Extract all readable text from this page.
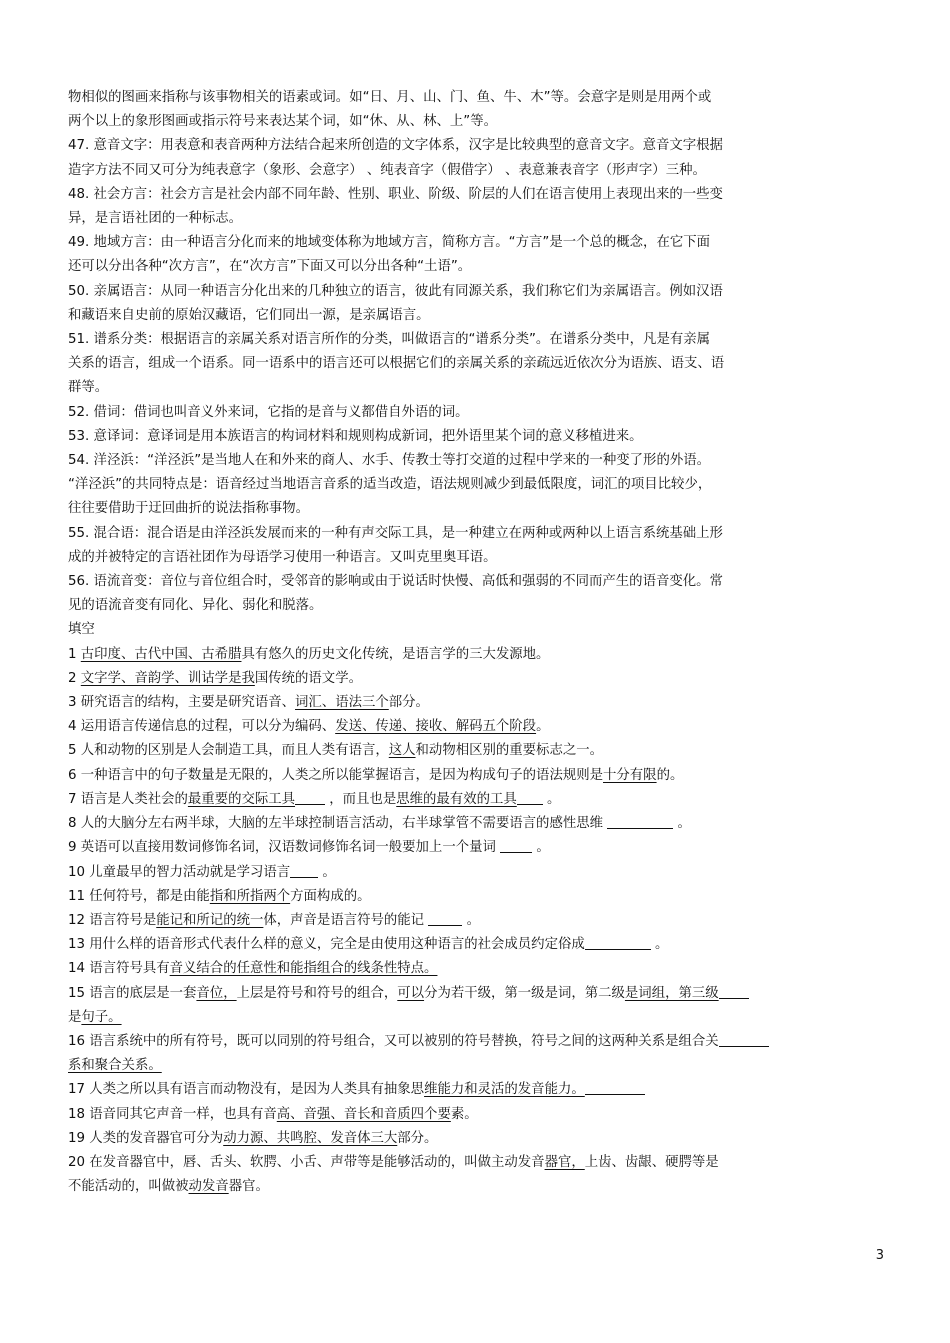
物相似的图画来指称与该事物相关的语素或词。如“日、月、山、门、鱼、牛、木”等。会意字是则是用两个或
两个以上的象形图画或指示符号来表达某个词，如“休、从、林、上”等。
47. 意音文字：用表意和表音两种方法结合起来所创造的文字体系，汉字是比较典型的意音文字。意音文字根据
造字方法不同又可分为纯表意字（象形、会意字） 、纯表音字（假借字） 、表意兼表音字（形声字）三种。
48. 社会方言：社会方言是社会内部不同年龄、性别、职业、阶级、阶层的人们在语言使用上表现出来的一些变
异，是言语社团的一种标志。
49. 地域方言：由一种语言分化而来的地域变体称为地域方言，简称方言。“方言”是一个总的概念，在它下面
还可以分出各种“次方言”，在“次方言”下面又可以分出各种“土语”。
50. 亲属语言：从同一种语言分化出来的几种独立的语言，彼此有同源关系，我们称它们为亲属语言。例如汉语
和藏语来自史前的原始汉藏语，它们同出一源，是亲属语言。
51. 谱系分类：根据语言的亲属关系对语言所作的分类，叫做语言的“谱系分类”。在谱系分类中，凡是有亲属
关系的语言，组成一个语系。同一语系中的语言还可以根据它们的亲属关系的亲疏远近依次分为语族、语支、语
群等。
52. 借词：借词也叫音义外来词，它指的是音与义都借自外语的词。
53. 意译词：意译词是用本族语言的构词材料和规则构成新词，把外语里某个词的意义移植进来。
54. 洋泾浜：“洋泾浜”是当地人在和外来的商人、水手、传教士等打交道的过程中学来的一种变了形的外语。
“洋泾浜”的共同特点是：语音经过当地语言音系的适当改造，语法规则减少到最低限度，词汇的项目比较少，
往往要借助于迂回曲折的说法指称事物。
55. 混合语：混合语是由洋泾浜发展而来的一种有声交际工具，是一种建立在两种或两种以上语言系统基础上形
成的并被特定的言语社团作为母语学习使用一种语言。又叫克里奥耳语。
56. 语流音变：音位与音位组合时，受邻音的影响或由于说话时快慢、高低和强弱的不同而产生的语音变化。常
见的语流音变有同化、异化、弱化和脱落。
填空
1 古印度、古代中国、古希腊具有悠久的历史文化传统，是语言学的三大发源地。
2 文字学、音韵学、训诂学是我国传统的语文学。
3 研究语言的结构，主要是研究语音、词汇、语法三个部分。
4 运用语言传递信息的过程，可以分为编码、发送、传递、接收、解码五个阶段。
5 人和动物的区别是人会制造工具，而且人类有语言，这人和动物相区别的重要标志之一。
6 一种语言中的句子数量是无限的，人类之所以能掌握语言，是因为构成句子的语法规则是十分有限的。
7 语言是人类社会的最重要的交际工具 ，而且也是思维的最有效的工具 。
8 人的大脑分左右两半球，大脑的左半球控制语言活动，右半球掌管不需要语言的感性思维	。
9 英语可以直接用数词修饰名词，汉语数词修饰名词一般要加上一个量词  。
10 儿童最早的智力活动就是学习语言 。
11 任何符号，都是由能指和所指两个方面构成的。
12 语言符号是能记和所记的统一体，声音是语言符号的能记	。
13 用什么样的语音形式代表什么样的意义，完全是由使用这种语言的社会成员约定俗成	。
14 语言符号具有音义结合的任意性和能指组合的线条性特点。
15 语言的底层是一套音位，上层是符号和符号的组合，可以分为若干级，第一级是词，第二级是词组，第三级
是句子。
16 语言系统中的所有符号，既可以同别的符号组合，又可以被别的符号替换，符号之间的这两种关系是组合关
系和聚合关系。
17 人类之所以具有语言而动物没有，是因为人类具有抽象思维能力和灵活的发音能力。
18 语音同其它声音一样，也具有音高、音强、音长和音质四个要素。
19 人类的发音器官可分为动力源、共鸣腔、发音体三大部分。
20 在发音器官中，唇、舌头、软腭、小舌、声带等是能够活动的，叫做主动发音器官，上齿、齿龈、硬腭等是
不能活动的，叫做被动发音器官。
3
